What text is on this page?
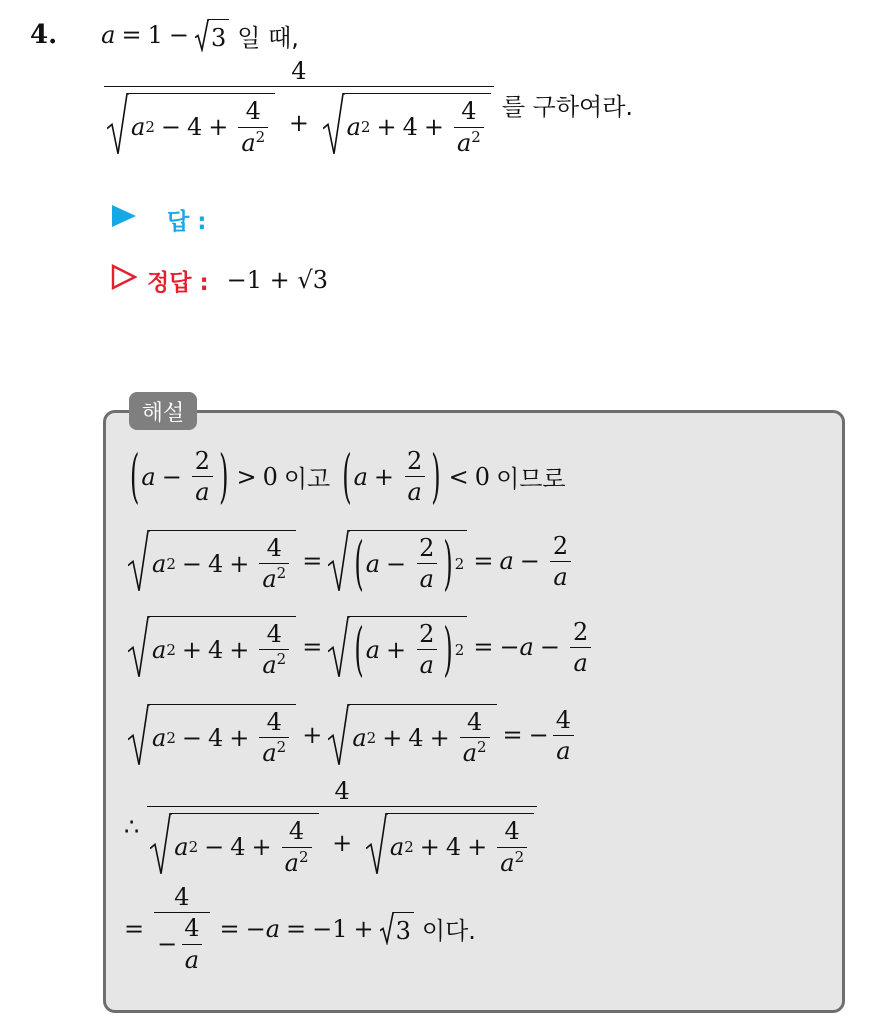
4. a = 1 − 3 일 때,
$\frac{4}{a 2 - 4 + \frac{4}{a^2} + a 2 + 4 + \frac{4}{a^2}}$ 를 구하여라.
답 :
정답 : −1 + √3
해설
( $a - \frac{2}{a}$ ) > 0 이고 ( $a + \frac{2}{a}$ ) < 0 이므로
a $2 - 4 + \frac{4}{a^2}$ = ( $a - \frac{2}{a}$ ) $2 = a - \frac{2}{a}$
a $2 + 4 + \frac{4}{a^2}$ = ( $a + \frac{2}{a}$ ) 2 = − $a - \frac{2}{a}$
a $2 - 4 + \frac{4}{a^2} + a$ $2 + 4 + \frac{4}{a^2}$ = − $\frac{4}{a}$
∴ $\frac{4}{a 2 - 4 + \frac{4}{a^2} + a 2 + 4 + \frac{4}{a^2}}$
= $\frac{4}{- \frac{4}{a}}$ = − a = −1 + 3 이다.
